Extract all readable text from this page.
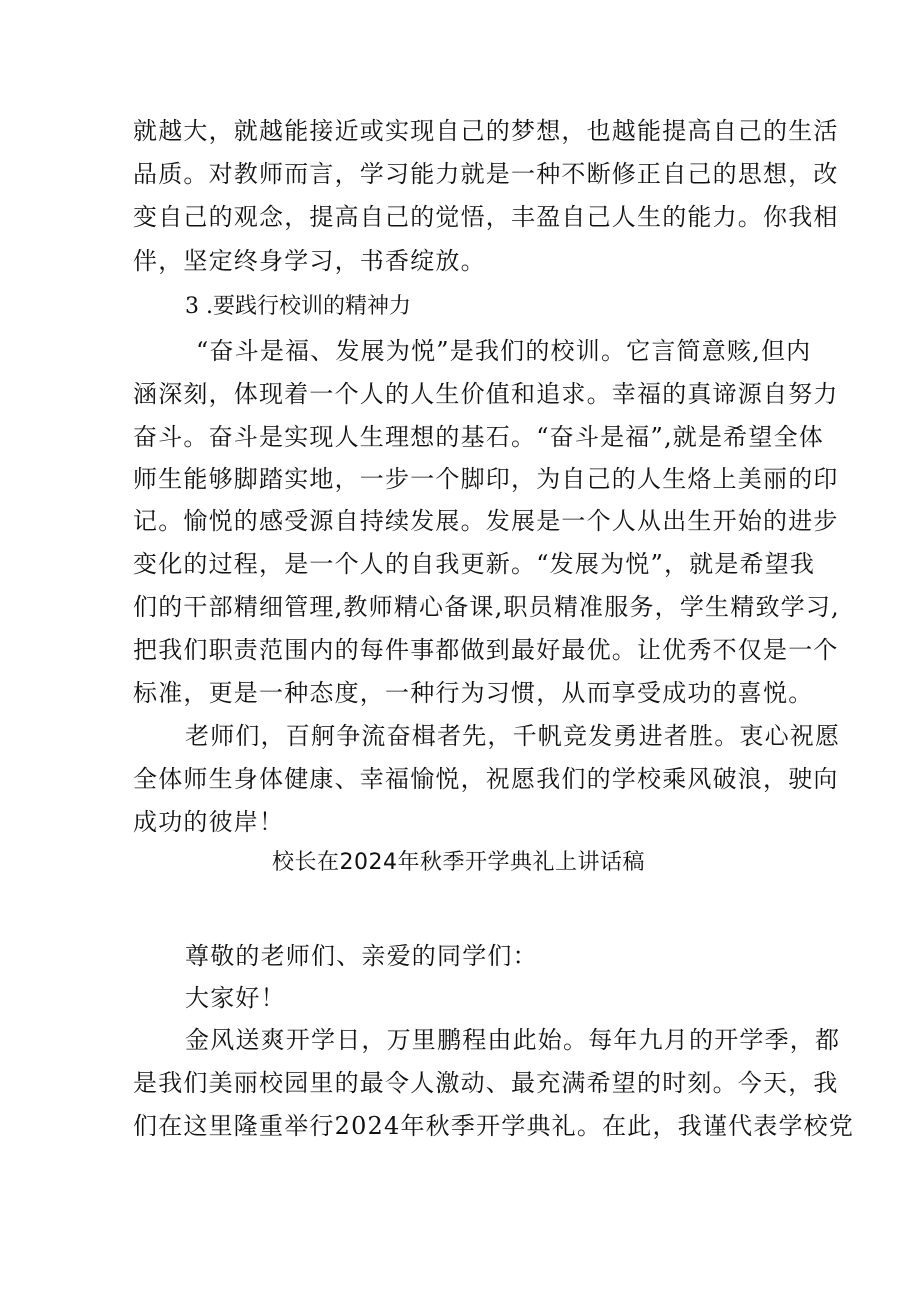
就越大，就越能接近或实现自己的梦想，也越能提高自己的生活
品质。对教师而言，学习能力就是一种不断修正自己的思想，改
变自己的观念，提高自己的觉悟，丰盈自己人生的能力。你我相
伴，坚定终身学习，书香绽放。
3 .要践行校训的精神力
“奋斗是福、发展为悦”是我们的校训。它言简意赅,但内
涵深刻，体现着一个人的人生价值和追求。幸福的真谛源自努力
奋斗。奋斗是实现人生理想的基石。“奋斗是福”,就是希望全体
师生能够脚踏实地，一步一个脚印，为自己的人生烙上美丽的印
记。愉悦的感受源自持续发展。发展是一个人从出生开始的进步
变化的过程，是一个人的自我更新。“发展为悦”，就是希望我
们的干部精细管理,教师精心备课,职员精准服务，学生精致学习,
把我们职责范围内的每件事都做到最好最优。让优秀不仅是一个
标准，更是一种态度，一种行为习惯，从而享受成功的喜悦。
老师们，百舸争流奋楫者先，千帆竞发勇进者胜。衷心祝愿
全体师生身体健康、幸福愉悦，祝愿我们的学校乘风破浪，驶向
成功的彼岸！
校长在2024年秋季开学典礼上讲话稿
尊敬的老师们、亲爱的同学们：
大家好！
金风送爽开学日，万里鹏程由此始。每年九月的开学季，都
是我们美丽校园里的最令人激动、最充满希望的时刻。今天，我
们在这里隆重举行2024年秋季开学典礼。在此，我谨代表学校党
